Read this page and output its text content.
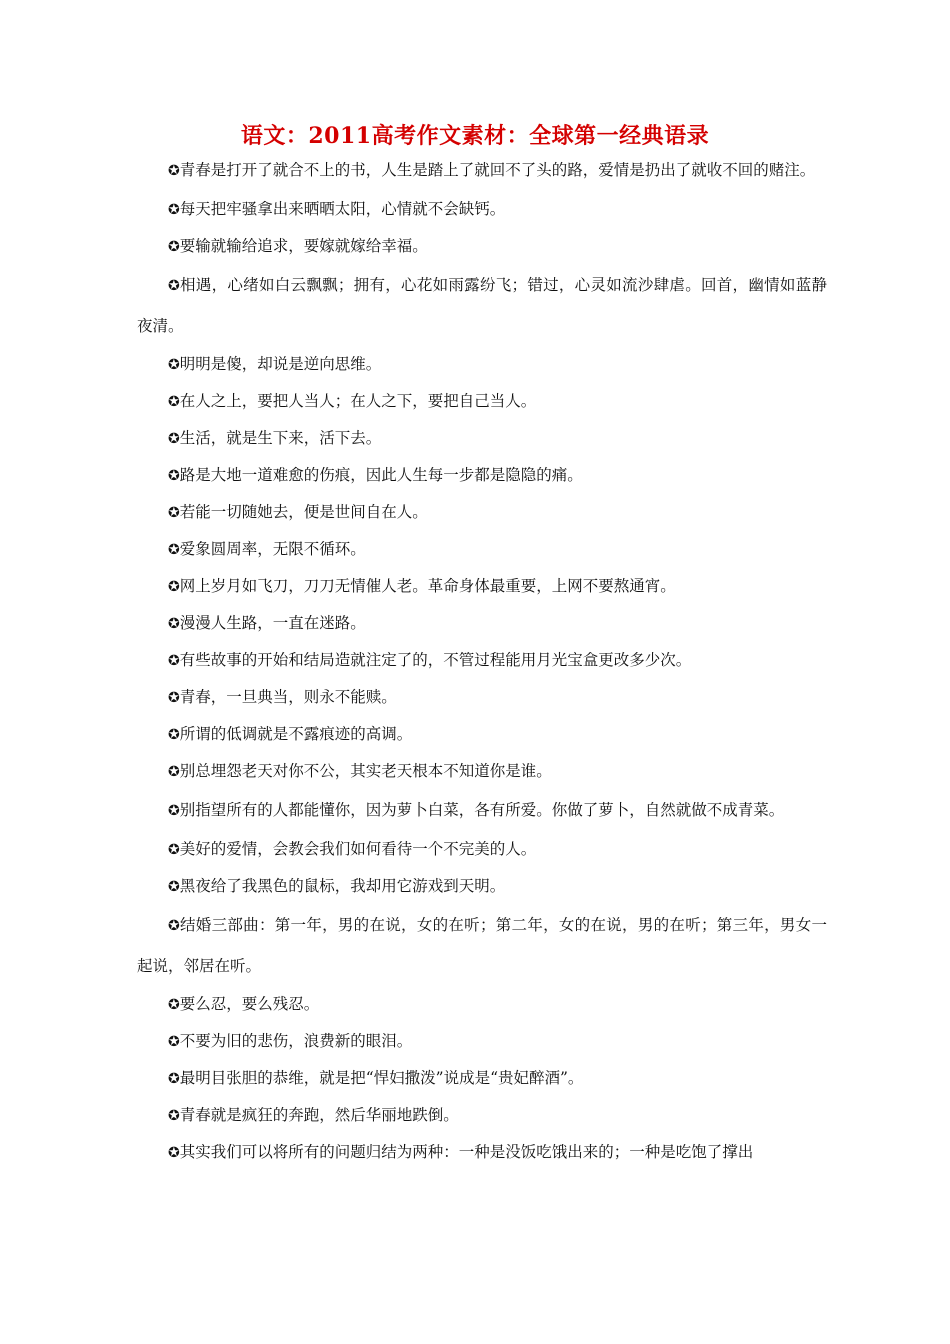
语文：2011高考作文素材：全球第一经典语录

✪青春是打开了就合不上的书，人生是踏上了就回不了头的路，爱情是扔出了就收不回的赌注。

✪每天把牢骚拿出来晒晒太阳，心情就不会缺钙。

✪要输就输给追求，要嫁就嫁给幸福。

✪相遇，心绪如白云飘飘；拥有，心花如雨露纷飞；错过，心灵如流沙肆虐。回首，幽情如蓝静夜清。

✪明明是傻，却说是逆向思维。

✪在人之上，要把人当人；在人之下，要把自己当人。

✪生活，就是生下来，活下去。

✪路是大地一道难愈的伤痕，因此人生每一步都是隐隐的痛。

✪若能一切随她去，便是世间自在人。

✪爱象圆周率，无限不循环。

✪网上岁月如飞刀，刀刀无情催人老。革命身体最重要，上网不要熬通宵。

✪漫漫人生路，一直在迷路。

✪有些故事的开始和结局造就注定了的，不管过程能用月光宝盒更改多少次。

✪青春，一旦典当，则永不能赎。

✪所谓的低调就是不露痕迹的高调。

✪别总埋怨老天对你不公，其实老天根本不知道你是谁。

✪别指望所有的人都能懂你，因为萝卜白菜，各有所爱。你做了萝卜，自然就做不成青菜。

✪美好的爱情，会教会我们如何看待一个不完美的人。

✪黑夜给了我黑色的鼠标，我却用它游戏到天明。

✪结婚三部曲：第一年，男的在说，女的在听；第二年，女的在说，男的在听；第三年，男女一起说，邻居在听。

✪要么忍，要么残忍。

✪不要为旧的悲伤，浪费新的眼泪。

✪最明目张胆的恭维，就是把“悍妇撒泼”说成是“贵妃醉酒”。

✪青春就是疯狂的奔跑，然后华丽地跌倒。

✪其实我们可以将所有的问题归结为两种：一种是没饭吃饿出来的；一种是吃饱了撑出
